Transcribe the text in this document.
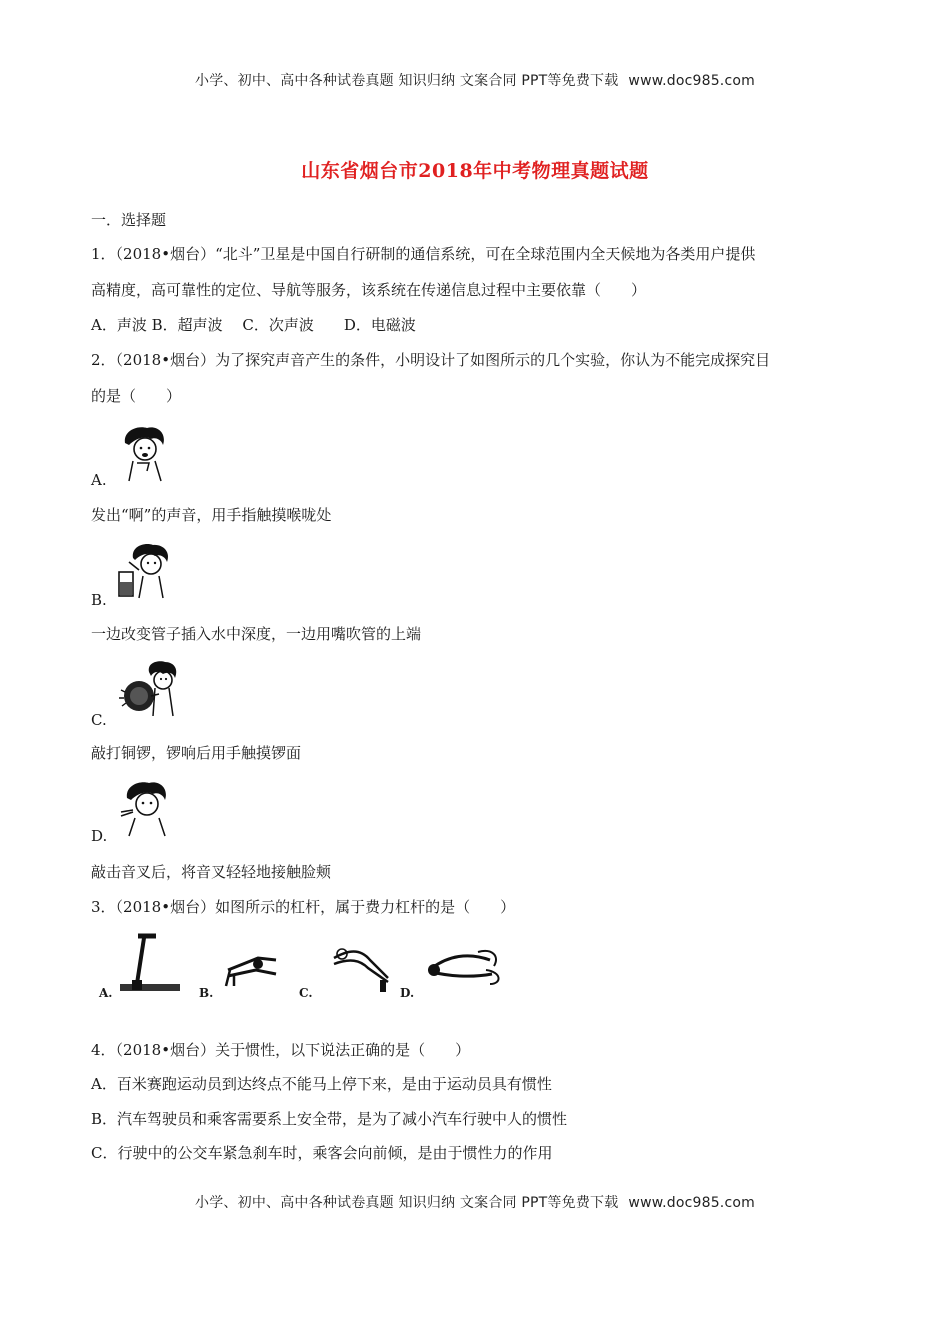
小学、初中、高中各种试卷真题 知识归纳 文案合同 PPT等免费下载 www.doc985.com
山东省烟台市2018年中考物理真题试题
一．选择题
1．（2018•烟台）“北斗”卫星是中国自行研制的通信系统，可在全球范围内全天候地为各类用户提供
高精度，高可靠性的定位、导航等服务，该系统在传递信息过程中主要依靠（　　）
A．声波 B．超声波　 C．次声波　　D．电磁波
2．（2018•烟台）为了探究声音产生的条件，小明设计了如图所示的几个实验，你认为不能完成探究目
的是（　　）
A.
发出“啊”的声音，用手指触摸喉咙处
B.
一边改变管子插入水中深度，一边用嘴吹管的上端
C.
敲打铜锣，锣响后用手触摸锣面
D.
敲击音叉后，将音叉轻轻地接触脸颊
3．（2018•烟台）如图所示的杠杆，属于费力杠杆的是（　　）
A.	B.	C.	D.
4．（2018•烟台）关于惯性，以下说法正确的是（　　）
A．百米赛跑运动员到达终点不能马上停下来，是由于运动员具有惯性
B．汽车驾驶员和乘客需要系上安全带，是为了减小汽车行驶中人的惯性
C．行驶中的公交车紧急刹车时，乘客会向前倾，是由于惯性力的作用
小学、初中、高中各种试卷真题 知识归纳 文案合同 PPT等免费下载 www.doc985.com
